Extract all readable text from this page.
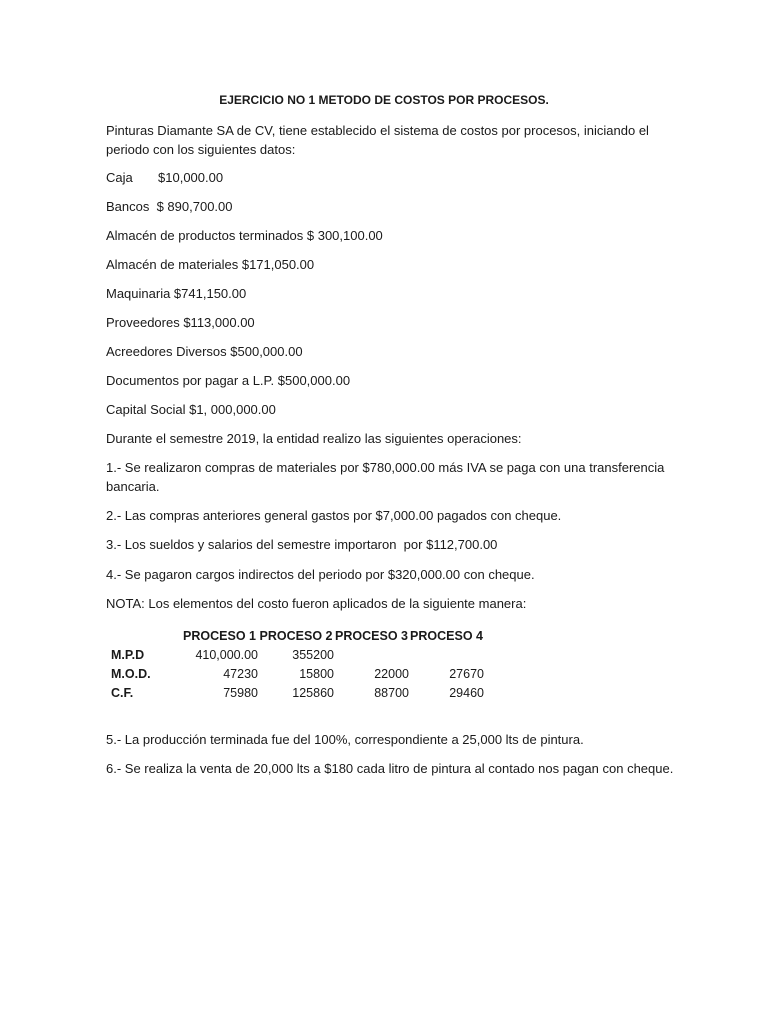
EJERCICIO NO 1 METODO DE COSTOS POR PROCESOS.

Pinturas Diamante SA de CV, tiene establecido el sistema de costos por procesos, iniciando el periodo con los siguientes datos:

Caja       $10,000.00

Bancos  $ 890,700.00

Almacén de productos terminados $ 300,100.00

Almacén de materiales $171,050.00

Maquinaria $741,150.00

Proveedores $113,000.00

Acreedores Diversos $500,000.00

Documentos por pagar a L.P. $500,000.00

Capital Social $1, 000,000.00

Durante el semestre 2019, la entidad realizo las siguientes operaciones:

1.- Se realizaron compras de materiales por $780,000.00 más IVA se paga con una transferencia bancaria.

2.- Las compras anteriores general gastos por $7,000.00 pagados con cheque.

3.- Los sueldos y salarios del semestre importaron  por $112,700.00

4.- Se pagaron cargos indirectos del periodo por $320,000.00 con cheque.

NOTA: Los elementos del costo fueron aplicados de la siguiente manera:

	PROCESO 1	PROCESO 2	PROCESO 3	PROCESO 4
M.P.D	410,000.00	355200		
M.O.D.	47230	15800	22000	27670
C.F.	75980	125860	88700	29460

5.- La producción terminada fue del 100%, correspondiente a 25,000 lts de pintura.

6.- Se realiza la venta de 20,000 lts a $180 cada litro de pintura al contado nos pagan con cheque.
